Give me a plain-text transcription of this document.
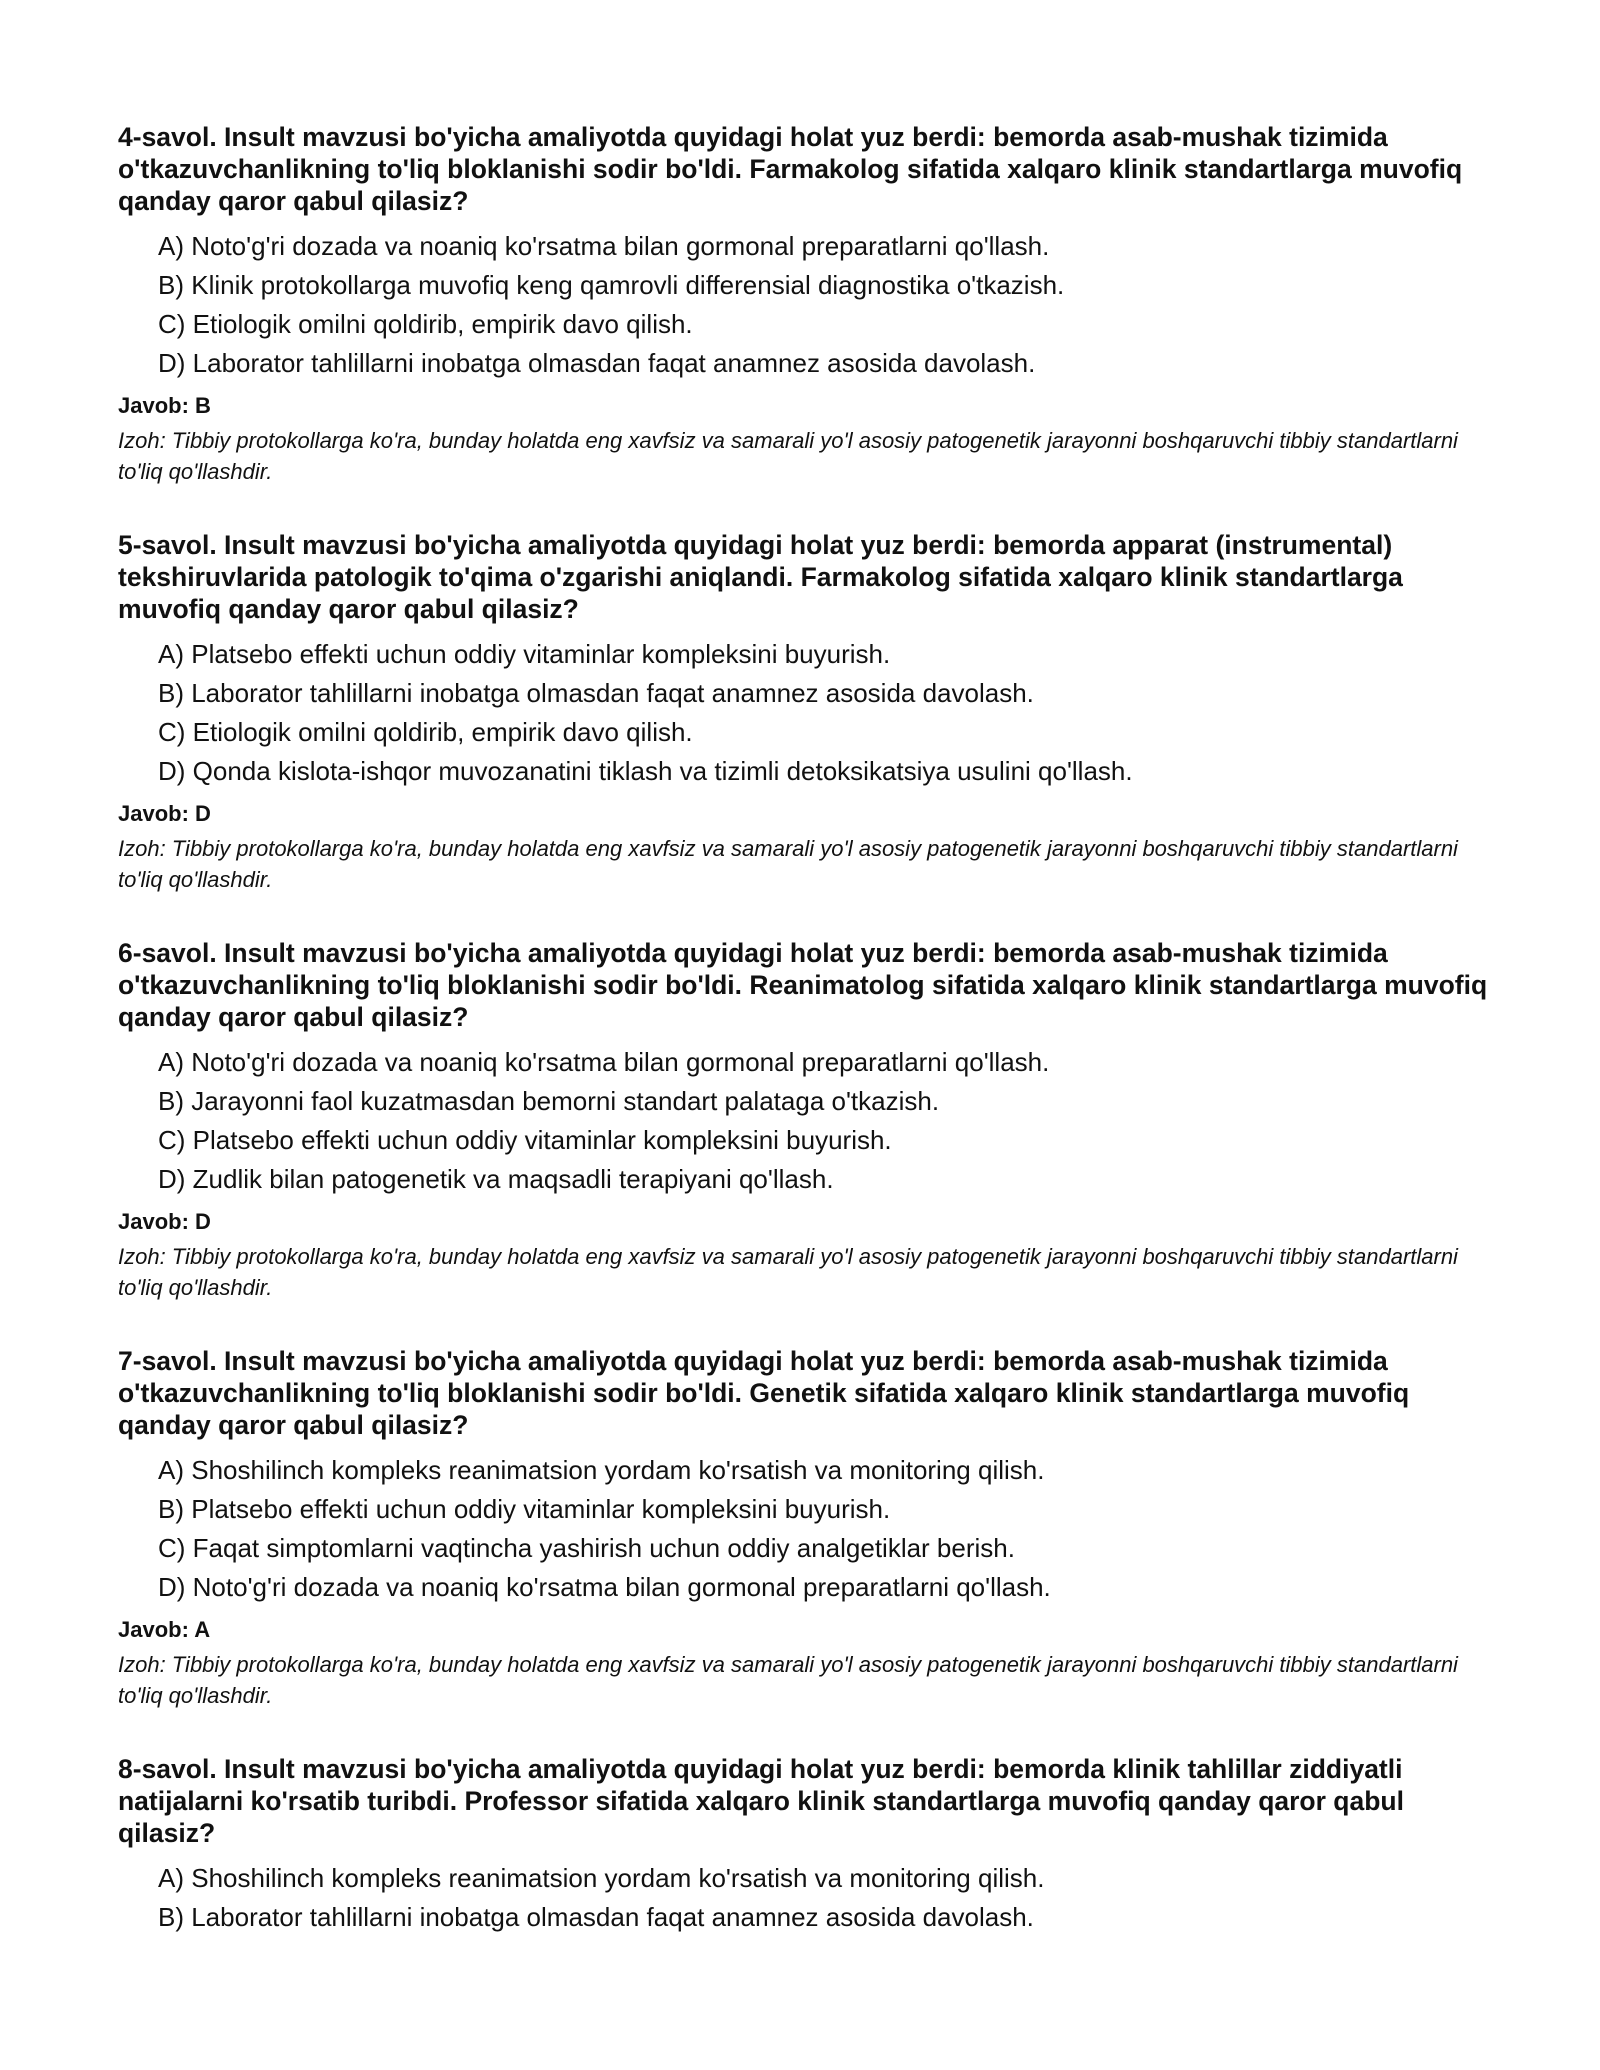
4-savol. Insult mavzusi bo'yicha amaliyotda quyidagi holat yuz berdi: bemorda asab-mushak tizimida o'tkazuvchanlikning to'liq bloklanishi sodir bo'ldi. Farmakolog sifatida xalqaro klinik standartlarga muvofiq qanday qaror qabul qilasiz?

A) Noto'g'ri dozada va noaniq ko'rsatma bilan gormonal preparatlarni qo'llash.
B) Klinik protokollarga muvofiq keng qamrovli differensial diagnostika o'tkazish.
C) Etiologik omilni qoldirib, empirik davo qilish.
D) Laborator tahlillarni inobatga olmasdan faqat anamnez asosida davolash.
Javob: B

Izoh: Tibbiy protokollarga ko'ra, bunday holatda eng xavfsiz va samarali yo'l asosiy patogenetik jarayonni boshqaruvchi tibbiy standartlarni to'liq qo'llashdir.

5-savol. Insult mavzusi bo'yicha amaliyotda quyidagi holat yuz berdi: bemorda apparat (instrumental) tekshiruvlarida patologik to'qima o'zgarishi aniqlandi. Farmakolog sifatida xalqaro klinik standartlarga muvofiq qanday qaror qabul qilasiz?

A) Platsebo effekti uchun oddiy vitaminlar kompleksini buyurish.
B) Laborator tahlillarni inobatga olmasdan faqat anamnez asosida davolash.
C) Etiologik omilni qoldirib, empirik davo qilish.
D) Qonda kislota-ishqor muvozanatini tiklash va tizimli detoksikatsiya usulini qo'llash.
Javob: D

Izoh: Tibbiy protokollarga ko'ra, bunday holatda eng xavfsiz va samarali yo'l asosiy patogenetik jarayonni boshqaruvchi tibbiy standartlarni to'liq qo'llashdir.

6-savol. Insult mavzusi bo'yicha amaliyotda quyidagi holat yuz berdi: bemorda asab-mushak tizimida o'tkazuvchanlikning to'liq bloklanishi sodir bo'ldi. Reanimatolog sifatida xalqaro klinik standartlarga muvofiq qanday qaror qabul qilasiz?

A) Noto'g'ri dozada va noaniq ko'rsatma bilan gormonal preparatlarni qo'llash.
B) Jarayonni faol kuzatmasdan bemorni standart palataga o'tkazish.
C) Platsebo effekti uchun oddiy vitaminlar kompleksini buyurish.
D) Zudlik bilan patogenetik va maqsadli terapiyani qo'llash.
Javob: D

Izoh: Tibbiy protokollarga ko'ra, bunday holatda eng xavfsiz va samarali yo'l asosiy patogenetik jarayonni boshqaruvchi tibbiy standartlarni to'liq qo'llashdir.

7-savol. Insult mavzusi bo'yicha amaliyotda quyidagi holat yuz berdi: bemorda asab-mushak tizimida o'tkazuvchanlikning to'liq bloklanishi sodir bo'ldi. Genetik sifatida xalqaro klinik standartlarga muvofiq qanday qaror qabul qilasiz?

A) Shoshilinch kompleks reanimatsion yordam ko'rsatish va monitoring qilish.
B) Platsebo effekti uchun oddiy vitaminlar kompleksini buyurish.
C) Faqat simptomlarni vaqtincha yashirish uchun oddiy analgetiklar berish.
D) Noto'g'ri dozada va noaniq ko'rsatma bilan gormonal preparatlarni qo'llash.
Javob: A

Izoh: Tibbiy protokollarga ko'ra, bunday holatda eng xavfsiz va samarali yo'l asosiy patogenetik jarayonni boshqaruvchi tibbiy standartlarni to'liq qo'llashdir.

8-savol. Insult mavzusi bo'yicha amaliyotda quyidagi holat yuz berdi: bemorda klinik tahlillar ziddiyatli natijalarni ko'rsatib turibdi. Professor sifatida xalqaro klinik standartlarga muvofiq qanday qaror qabul qilasiz?

A) Shoshilinch kompleks reanimatsion yordam ko'rsatish va monitoring qilish.
B) Laborator tahlillarni inobatga olmasdan faqat anamnez asosida davolash.
